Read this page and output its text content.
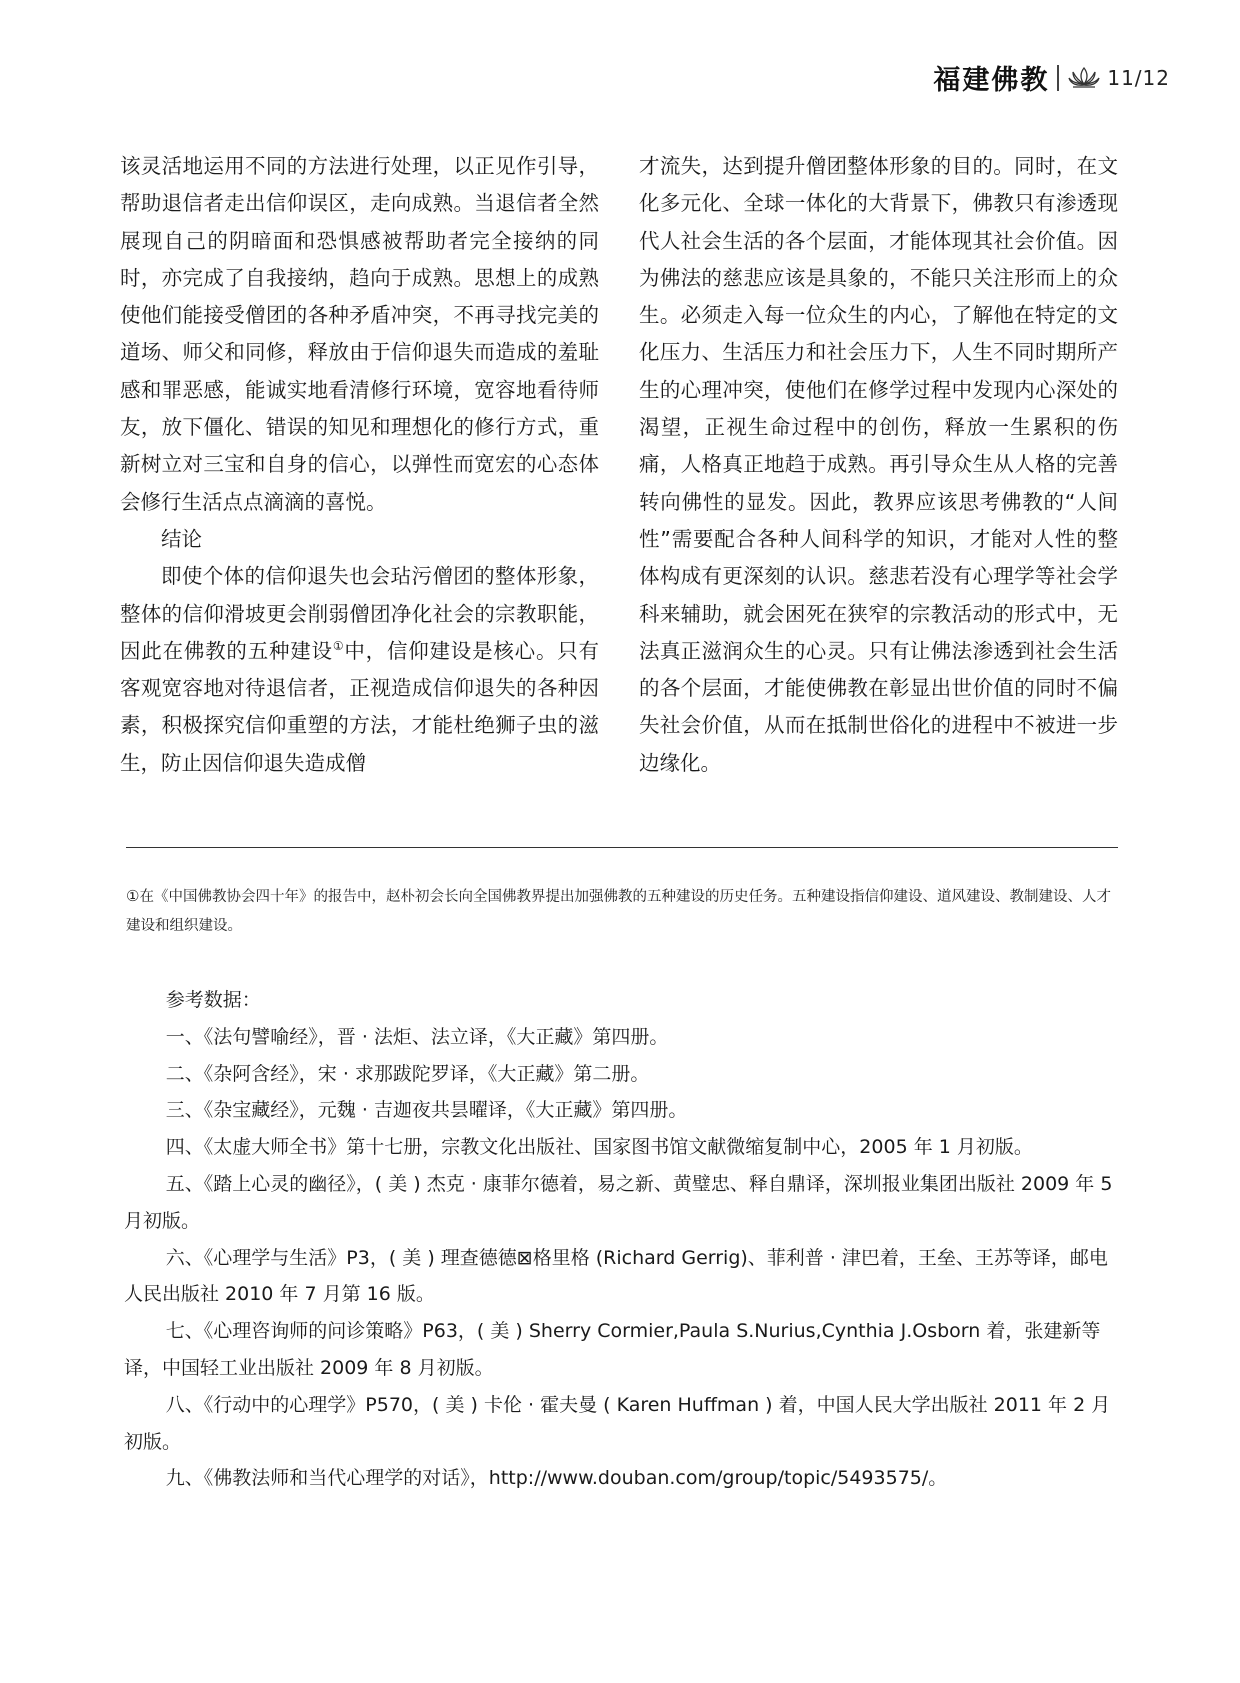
福建佛教	11/12

该灵活地运用不同的方法进行处理，以正见作引导，帮助退信者走出信仰误区，走向成熟。当退信者全然展现自己的阴暗面和恐惧感被帮助者完全接纳的同时，亦完成了自我接纳，趋向于成熟。思想上的成熟使他们能接受僧团的各种矛盾冲突，不再寻找完美的道场、师父和同修，释放由于信仰退失而造成的羞耻感和罪恶感，能诚实地看清修行环境，宽容地看待师友，放下僵化、错误的知见和理想化的修行方式，重新树立对三宝和自身的信心，以弹性而宽宏的心态体会修行生活点点滴滴的喜悦。

结论

即使个体的信仰退失也会玷污僧团的整体形象，整体的信仰滑坡更会削弱僧团净化社会的宗教职能，因此在佛教的五种建设①中，信仰建设是核心。只有客观宽容地对待退信者，正视造成信仰退失的各种因素，积极探究信仰重塑的方法，才能杜绝狮子虫的滋生，防止因信仰退失造成僧

才流失，达到提升僧团整体形象的目的。同时，在文化多元化、全球一体化的大背景下，佛教只有渗透现代人社会生活的各个层面，才能体现其社会价值。因为佛法的慈悲应该是具象的，不能只关注形而上的众生。必须走入每一位众生的内心，了解他在特定的文化压力、生活压力和社会压力下，人生不同时期所产生的心理冲突，使他们在修学过程中发现内心深处的渴望，正视生命过程中的创伤，释放一生累积的伤痛，人格真正地趋于成熟。再引导众生从人格的完善转向佛性的显发。因此，教界应该思考佛教的“人间性”需要配合各种人间科学的知识，才能对人性的整体构成有更深刻的认识。慈悲若没有心理学等社会学科来辅助，就会困死在狭窄的宗教活动的形式中，无法真正滋润众生的心灵。只有让佛法渗透到社会生活的各个层面，才能使佛教在彰显出世价值的同时不偏失社会价值，从而在抵制世俗化的进程中不被进一步边缘化。

①在《中国佛教协会四十年》的报告中，赵朴初会长向全国佛教界提出加强佛教的五种建设的历史任务。五种建设指信仰建设、道风建设、教制建设、人才建设和组织建设。

参考数据：

一、《法句譬喻经》，晋 · 法炬、法立译，《大正藏》第四册。

二、《杂阿含经》，宋 · 求那跋陀罗译，《大正藏》第二册。

三、《杂宝藏经》，元魏 · 吉迦夜共昙曜译，《大正藏》第四册。

四、《太虚大师全书》第十七册，宗教文化出版社、国家图书馆文献微缩复制中心，2005 年 1 月初版。

五、《踏上心灵的幽径》，( 美 ) 杰克 · 康菲尔德着，易之新、黄璧忠、释自鼎译，深圳报业集团出版社 2009 年 5 月初版。

六、《心理学与生活》P3，( 美 ) 理查德德⊠格里格 (Richard Gerrig)、菲利普 · 津巴着，王垒、王苏等译，邮电人民出版社 2010 年 7 月第 16 版。

七、《心理咨询师的问诊策略》P63，( 美 ) Sherry Cormier,Paula S.Nurius,Cynthia J.Osborn 着，张建新等译，中国轻工业出版社 2009 年 8 月初版。

八、《行动中的心理学》P570，( 美 ) 卡伦 · 霍夫曼 ( Karen Huffman ) 着，中国人民大学出版社 2011 年 2 月初版。

九、《佛教法师和当代心理学的对话》，http://www.douban.com/group/topic/5493575/。
